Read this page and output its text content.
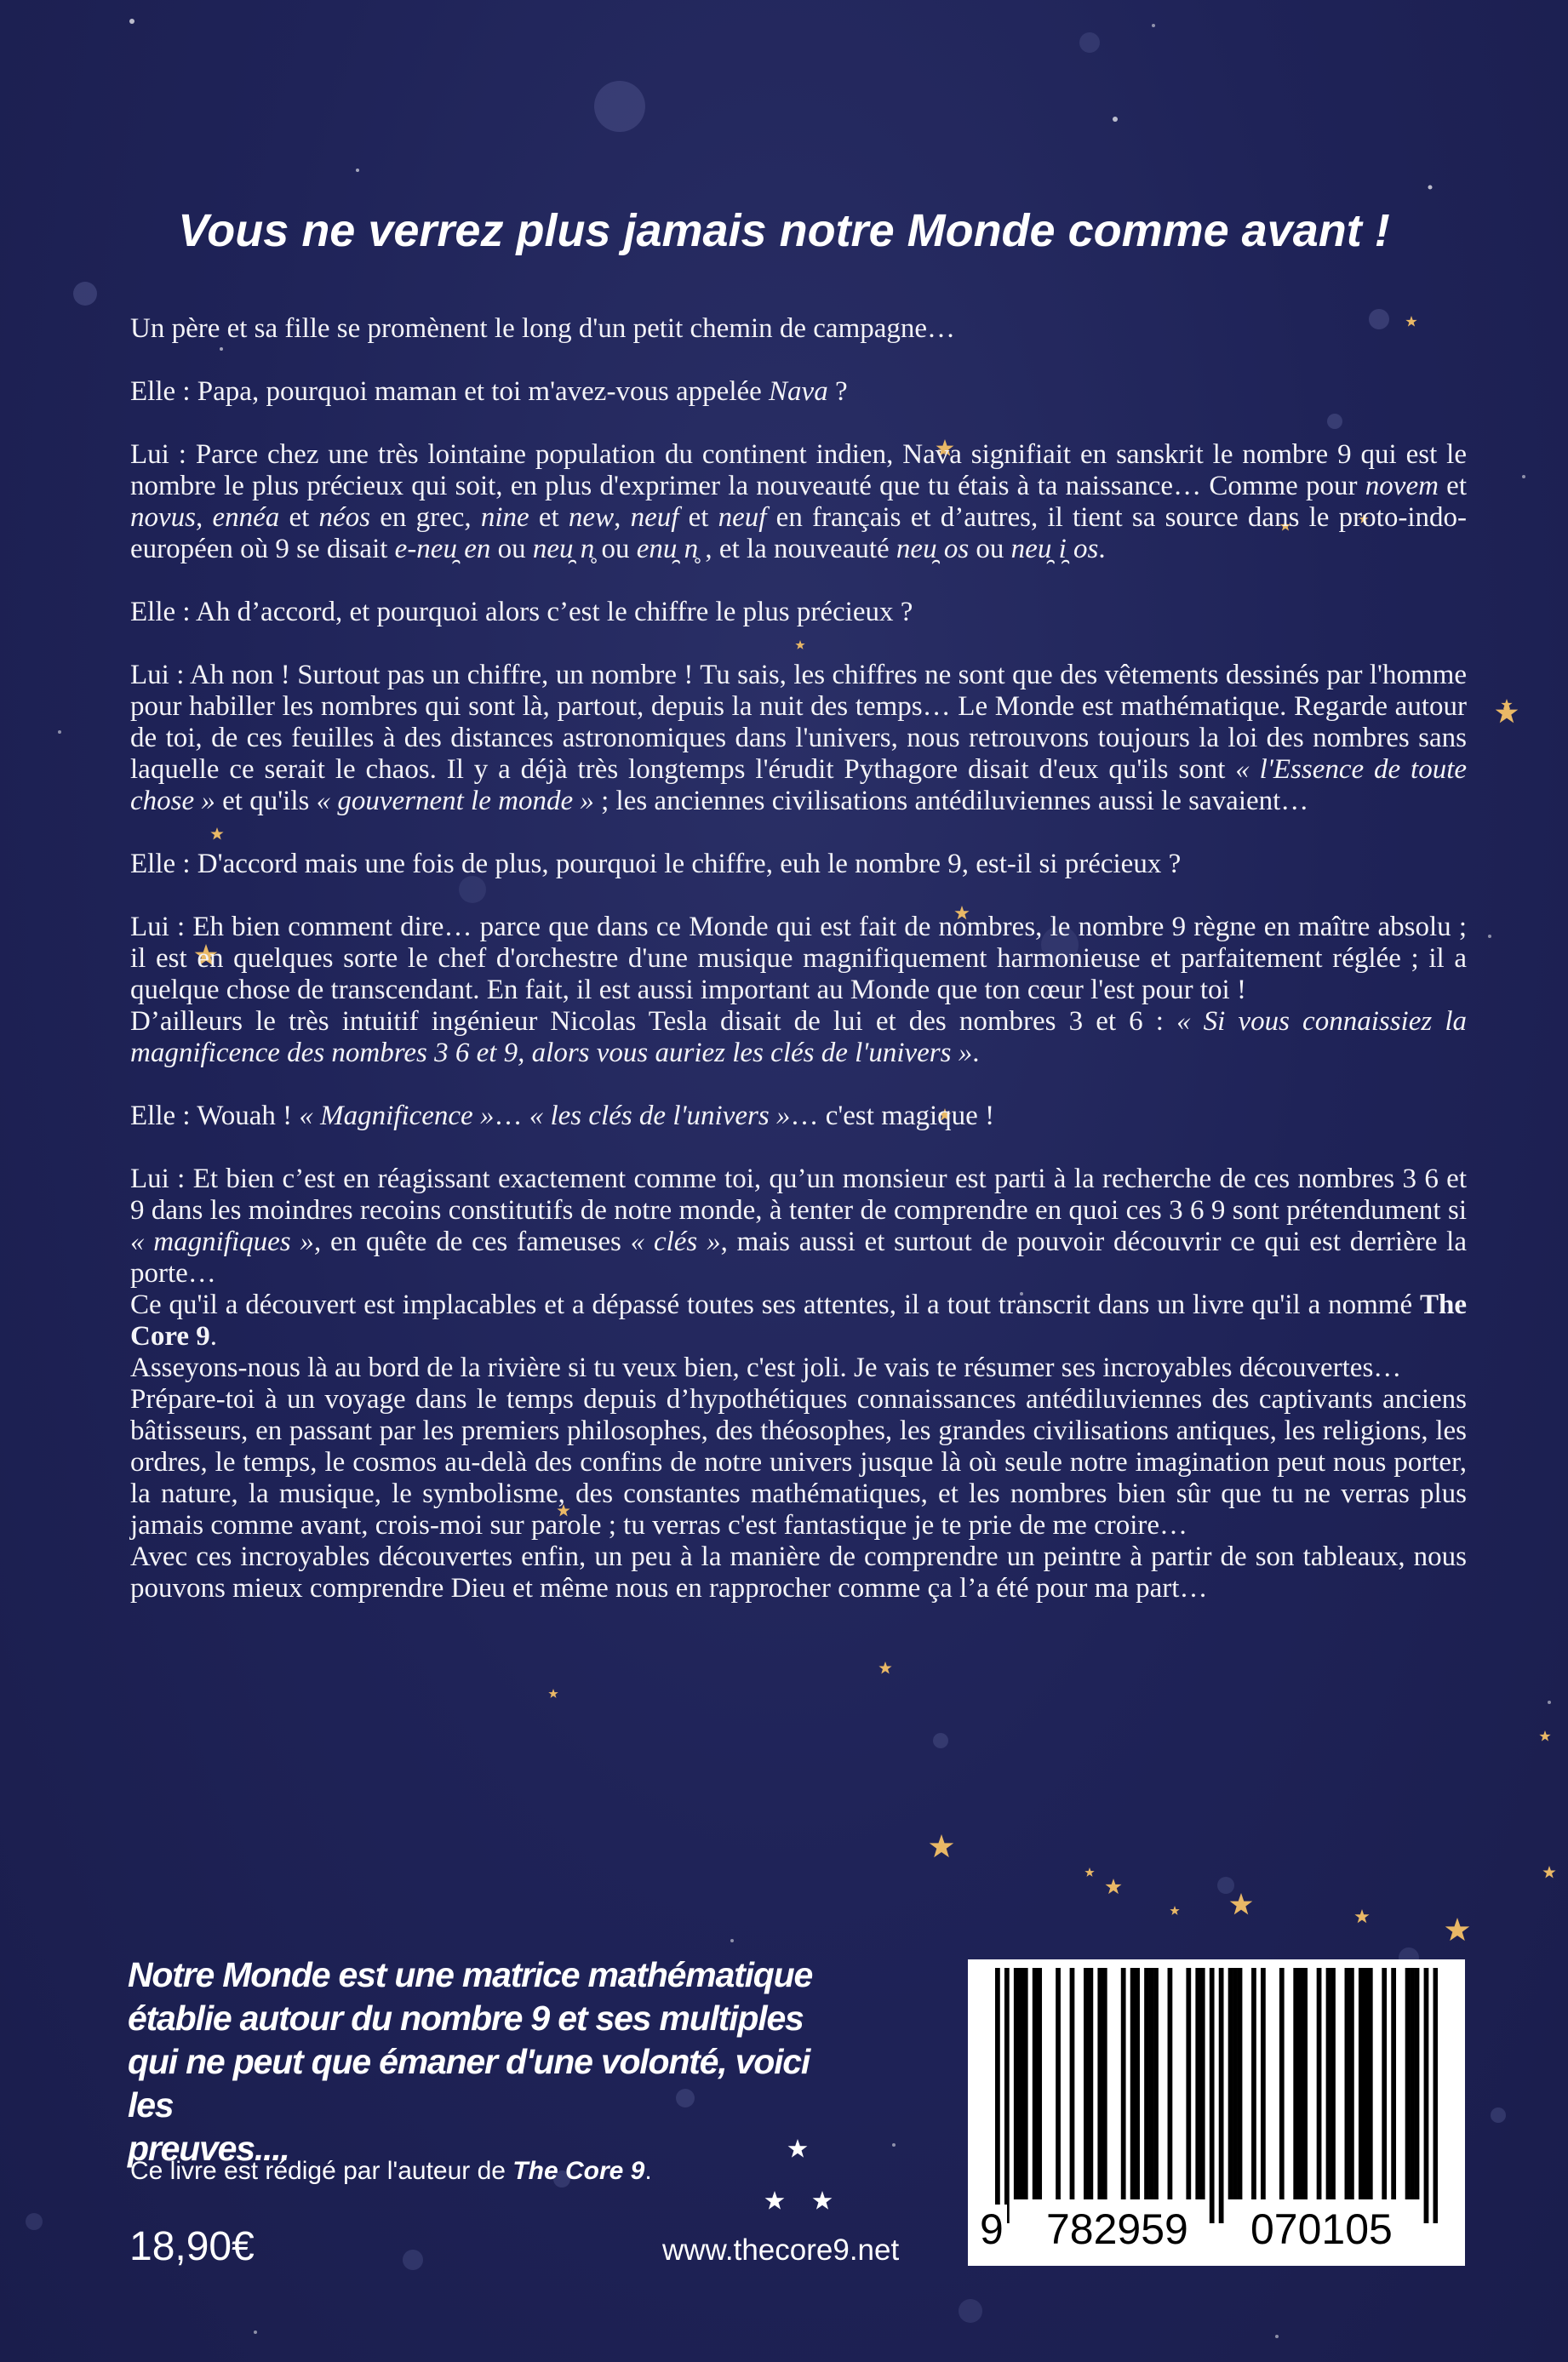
Vous ne verrez plus jamais notre Monde comme avant !

Un père et sa fille se promènent le long d'un petit chemin de campagne…

Elle : Papa, pourquoi maman et toi m'avez-vous appelée Nava ?

Lui : Parce chez une très lointaine population du continent indien, Nava signifiait en sanskrit le nombre 9 qui est le nombre le plus précieux qui soit, en plus d'exprimer la nouveauté que tu étais à ta naissance… Comme pour novem et novus, ennéa et néos en grec, nine et new, neuf et neuf en français et d’autres, il tient sa source dans le proto-indo-européen où 9 se disait e-neu̯ en ou neu̯ n̥ ou enu̯ n̥ , et la nouveauté neu̯ os ou neu̯ i̯ os.

Elle : Ah d’accord, et pourquoi alors c’est le chiffre le plus précieux ?

Lui : Ah non ! Surtout pas un chiffre, un nombre ! Tu sais, les chiffres ne sont que des vêtements dessinés par l'homme pour habiller les nombres qui sont là, partout, depuis la nuit des temps… Le Monde est mathématique. Regarde autour de toi, de ces feuilles à des distances astronomiques dans l'univers, nous retrouvons toujours la loi des nombres sans laquelle ce serait le chaos. Il y a déjà très longtemps l'érudit Pythagore disait d'eux qu'ils sont « l'Essence de toute chose » et qu'ils « gouvernent le monde » ; les anciennes civilisations antédiluviennes aussi le savaient…

Elle : D'accord mais une fois de plus, pourquoi le chiffre, euh le nombre 9, est-il si précieux ?

Lui : Eh bien comment dire… parce que dans ce Monde qui est fait de nombres, le nombre 9 règne en maître absolu ; il est en quelques sorte le chef d'orchestre d'une musique magnifiquement harmonieuse et parfaitement réglée ; il a quelque chose de transcendant. En fait, il est aussi important au Monde que ton cœur l'est pour toi !

D’ailleurs le très intuitif ingénieur Nicolas Tesla disait de lui et des nombres 3 et 6 : « Si vous connaissiez la magnificence des nombres 3 6 et 9, alors vous auriez les clés de l'univers ».

Elle : Wouah ! « Magnificence »… « les clés de l'univers »… c'est magique !

Lui : Et bien c’est en réagissant exactement comme toi, qu’un monsieur est parti à la recherche de ces nombres 3 6 et 9 dans les moindres recoins constitutifs de notre monde, à tenter de comprendre en quoi ces 3 6 9 sont prétendument si « magnifiques », en quête de ces fameuses « clés », mais aussi et surtout de pouvoir découvrir ce qui est derrière la porte…

Ce qu'il a découvert est implacables et a dépassé toutes ses attentes, il a tout transcrit dans un livre qu'il a nommé The Core 9.

Asseyons-nous là au bord de la rivière si tu veux bien, c'est joli. Je vais te résumer ses incroyables découvertes…

Prépare-toi à un voyage dans le temps depuis d’hypothétiques connaissances antédiluviennes des captivants anciens bâtisseurs, en passant par les premiers philosophes, des théosophes, les grandes civilisations antiques, les religions, les ordres, le temps, le cosmos au-delà des confins de notre univers jusque là où seule notre imagination peut nous porter, la nature, la musique, le symbolisme, des constantes mathématiques, et les nombres bien sûr que tu ne verras plus jamais comme avant, crois-moi sur parole ; tu verras c'est fantastique je te prie de me croire…

Avec ces incroyables découvertes enfin, un peu à la manière de comprendre un peintre à partir de son tableaux, nous pouvons mieux comprendre Dieu et même nous en rapprocher comme ça l’a été pour ma part…

Notre Monde est une matrice mathématique
établie autour du nombre 9 et ses multiples
qui ne peut que émaner d'une volonté, voici les
preuves....
Ce livre est rédigé par l'auteur de The Core 9.
18,90€	www.thecore9.net 9 782959 070105
